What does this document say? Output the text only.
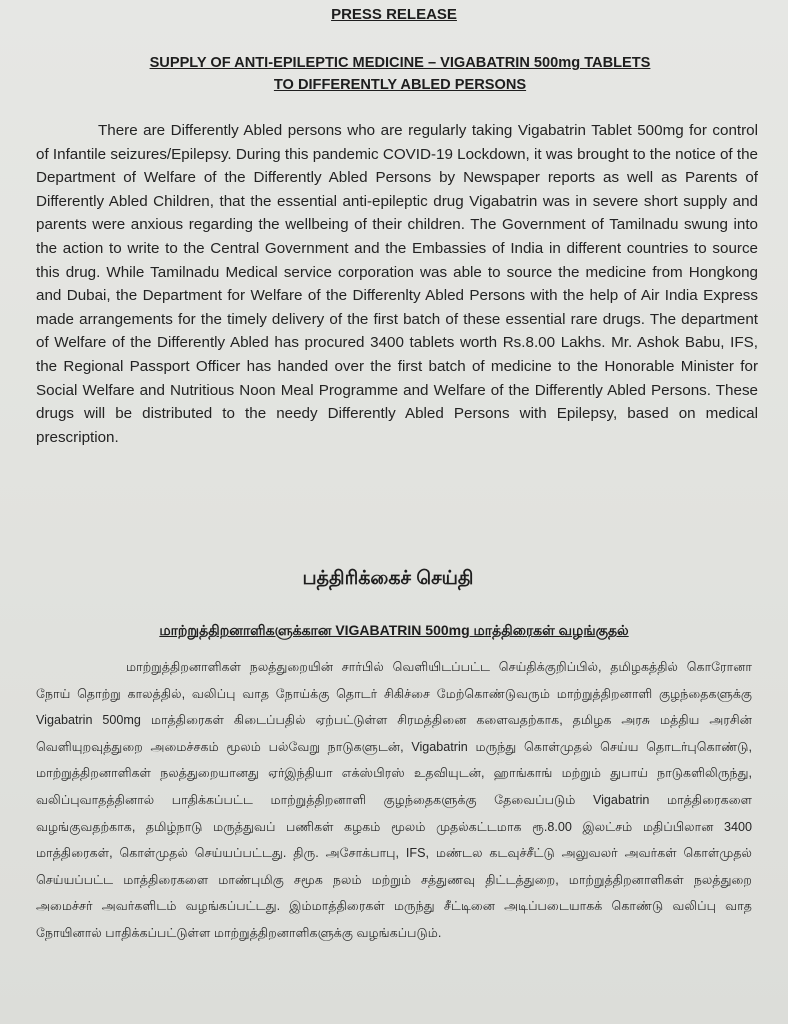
PRESS RELEASE
SUPPLY OF ANTI-EPILEPTIC MEDICINE – VIGABATRIN 500mg TABLETS
TO DIFFERENTLY ABLED PERSONS

There are Differently Abled persons who are regularly taking Vigabatrin Tablet 500mg for control of Infantile seizures/Epilepsy. During this pandemic COVID-19 Lockdown, it was brought to the notice of the Department of Welfare of the Differently Abled Persons by Newspaper reports as well as Parents of Differently Abled Children, that the essential anti-epileptic drug Vigabatrin was in severe short supply and parents were anxious regarding the wellbeing of their children. The Government of Tamilnadu swung into the action to write to the Central Government and the Embassies of India in different countries to source this drug. While Tamilnadu Medical service corporation was able to source the medicine from Hongkong and Dubai, the Department for Welfare of the Differenlty Abled Persons with the help of Air India Express made arrangements for the timely delivery of the first batch of these essential rare drugs. The department of Welfare of the Differently Abled has procured 3400 tablets worth Rs.8.00 Lakhs. Mr. Ashok Babu, IFS, the Regional Passport Officer has handed over the first batch of medicine to the Honorable Minister for Social Welfare and Nutritious Noon Meal Programme and Welfare of the Differently Abled Persons. These drugs will be distributed to the needy Differently Abled Persons with Epilepsy, based on medical prescription.

பத்திரிக்கைச் செய்தி
மாற்றுத்திறனாளிகளுக்கான VIGABATRIN 500mg மாத்திரைகள் வழங்குதல்

மாற்றுத்திறனாளிகள் நலத்துறையின் சார்பில் வெளியிடப்பட்ட செய்திக்குறிப்பில், தமிழகத்தில் கொரோனா நோய் தொற்று காலத்தில், வலிப்பு வாத நோய்க்கு தொடர் சிகிச்சை மேற்கொண்டுவரும் மாற்றுத்திறனாளி குழந்தைகளுக்கு Vigabatrin 500mg மாத்திரைகள் கிடைப்பதில் ஏற்பட்டுள்ள சிரமத்தினை களைவதற்காக, தமிழக அரசு மத்திய அரசின் வெளியுறவுத்துறை அமைச்சகம் மூலம் பல்வேறு நாடுகளுடன், Vigabatrin மருந்து கொள்முதல் செய்ய தொடர்புகொண்டு, மாற்றுத்திறனாளிகள் நலத்துறையானது ஏர்இந்தியா எக்ஸ்பிரஸ் உதவியுடன், ஹாங்காங் மற்றும் துபாய் நாடுகளிலிருந்து, வலிப்புவாதத்தினால் பாதிக்கப்பட்ட மாற்றுத்திறனாளி குழந்தைகளுக்கு தேவைப்படும் Vigabatrin மாத்திரைகளை வழங்குவதற்காக, தமிழ்நாடு மருத்துவப் பணிகள் கழகம் மூலம் முதல்கட்டமாக ரூ.8.00 இலட்சம் மதிப்பிலான 3400 மாத்திரைகள், கொள்முதல் செய்யப்பட்டது. திரு. அசோக்பாபு, IFS, மண்டல கடவுச்சீட்டு அலுவலர் அவர்கள் கொள்முதல் செய்யப்பட்ட மாத்திரைகளை மாண்புமிகு சமூக நலம் மற்றும் சத்துணவு திட்டத்துறை, மாற்றுத்திறனாளிகள் நலத்துறை அமைச்சர் அவர்களிடம் வழங்கப்பட்டது. இம்மாத்திரைகள் மருந்து சீட்டினை அடிப்படையாகக் கொண்டு வலிப்பு வாத நோயினால் பாதிக்கப்பட்டுள்ள மாற்றுத்திறனாளிகளுக்கு வழங்கப்படும்.
